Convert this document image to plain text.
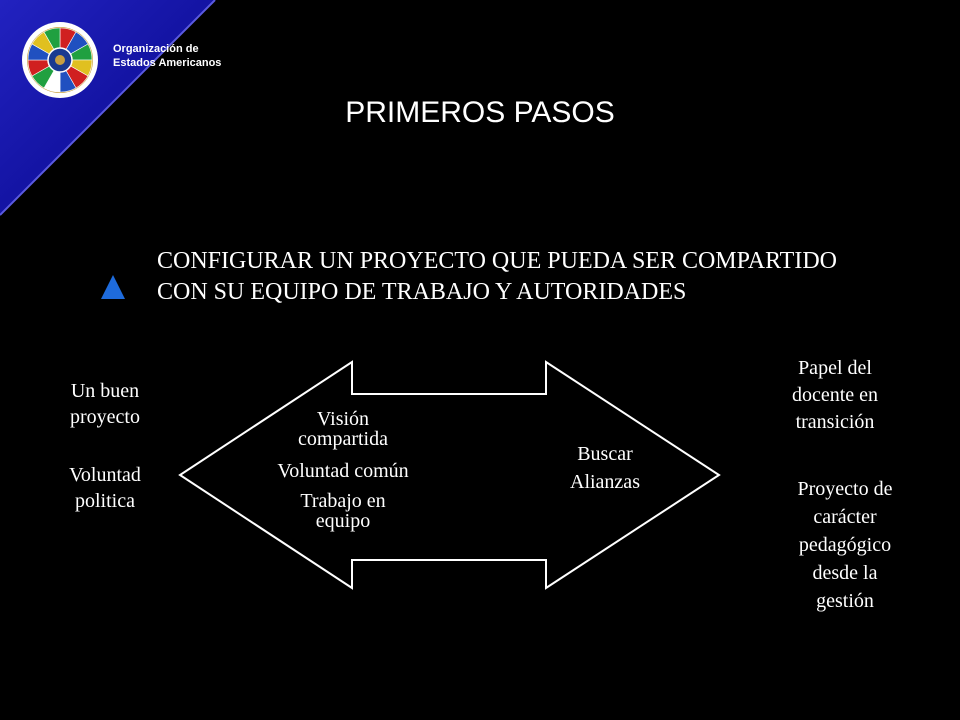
Organización de
Estados Americanos
PRIMEROS PASOS
CONFIGURAR UN PROYECTO QUE PUEDA SER COMPARTIDO CON SU EQUIPO DE TRABAJO Y AUTORIDADES
Un buen
proyecto
Voluntad
politica
Visión
compartida
Voluntad común
Trabajo en
equipo
Buscar
Alianzas
Papel del
docente en
transición
Proyecto de
carácter
pedagógico
desde la
gestión
